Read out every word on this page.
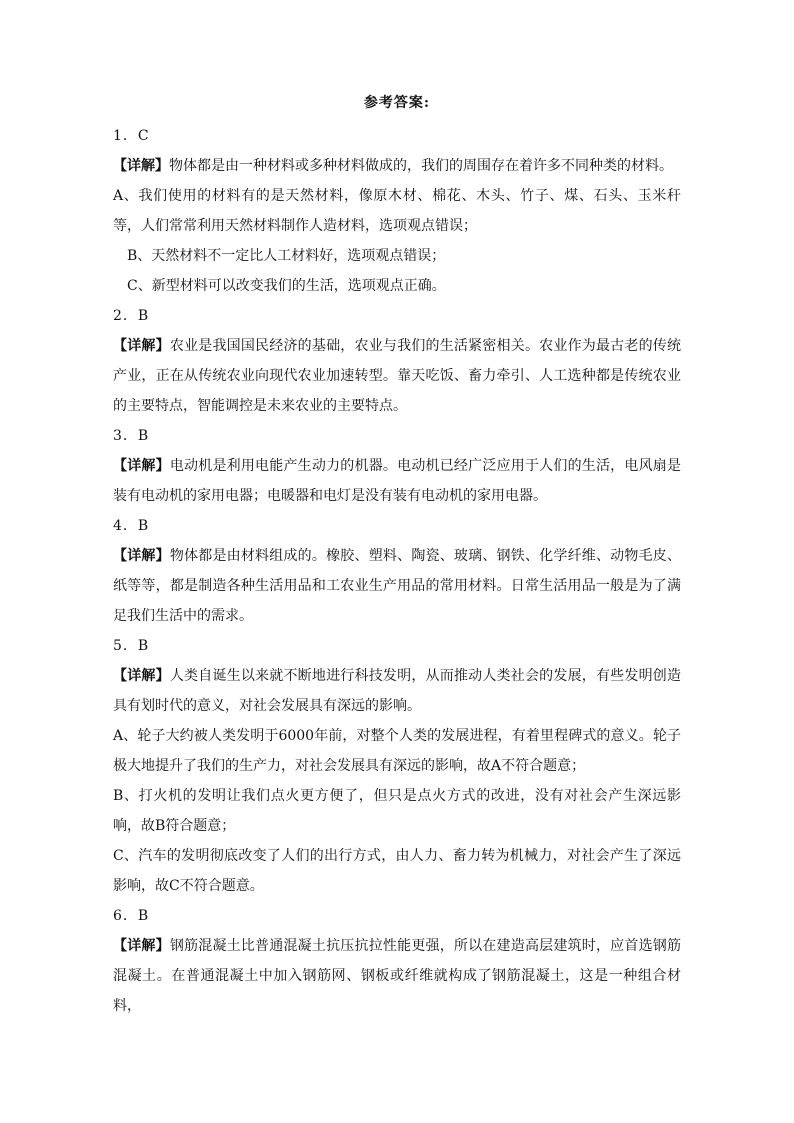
参考答案:

1．C

【详解】物体都是由一种材料或多种材料做成的，我们的周围存在着许多不同种类的材料。

A、我们使用的材料有的是天然材料，像原木材、棉花、木头、竹子、煤、石头、玉米秆等，人们常常利用天然材料制作人造材料，选项观点错误；

B、天然材料不一定比人工材料好，选项观点错误；

C、新型材料可以改变我们的生活，选项观点正确。

2．B

【详解】农业是我国国民经济的基础，农业与我们的生活紧密相关。农业作为最古老的传统产业，正在从传统农业向现代农业加速转型。靠天吃饭、畜力牵引、人工选种都是传统农业的主要特点，智能调控是未来农业的主要特点。

3．B

【详解】电动机是利用电能产生动力的机器。电动机已经广泛应用于人们的生活，电风扇是装有电动机的家用电器；电暖器和电灯是没有装有电动机的家用电器。

4．B

【详解】物体都是由材料组成的。橡胶、塑料、陶瓷、玻璃、钢铁、化学纤维、动物毛皮、纸等等，都是制造各种生活用品和工农业生产用品的常用材料。日常生活用品一般是为了满足我们生活中的需求。

5．B

【详解】人类自诞生以来就不断地进行科技发明，从而推动人类社会的发展，有些发明创造具有划时代的意义，对社会发展具有深远的影响。

A、轮子大约被人类发明于6000年前，对整个人类的发展进程，有着里程碑式的意义。轮子极大地提升了我们的生产力，对社会发展具有深远的影响，故A不符合题意；

B、打火机的发明让我们点火更方便了，但只是点火方式的改进，没有对社会产生深远影响，故B符合题意；

C、汽车的发明彻底改变了人们的出行方式，由人力、畜力转为机械力，对社会产生了深远影响，故C不符合题意。

6．B

【详解】钢筋混凝土比普通混凝土抗压抗拉性能更强，所以在建造高层建筑时，应首选钢筋混凝土。在普通混凝土中加入钢筋网、钢板或纤维就构成了钢筋混凝土，这是一种组合材料，
